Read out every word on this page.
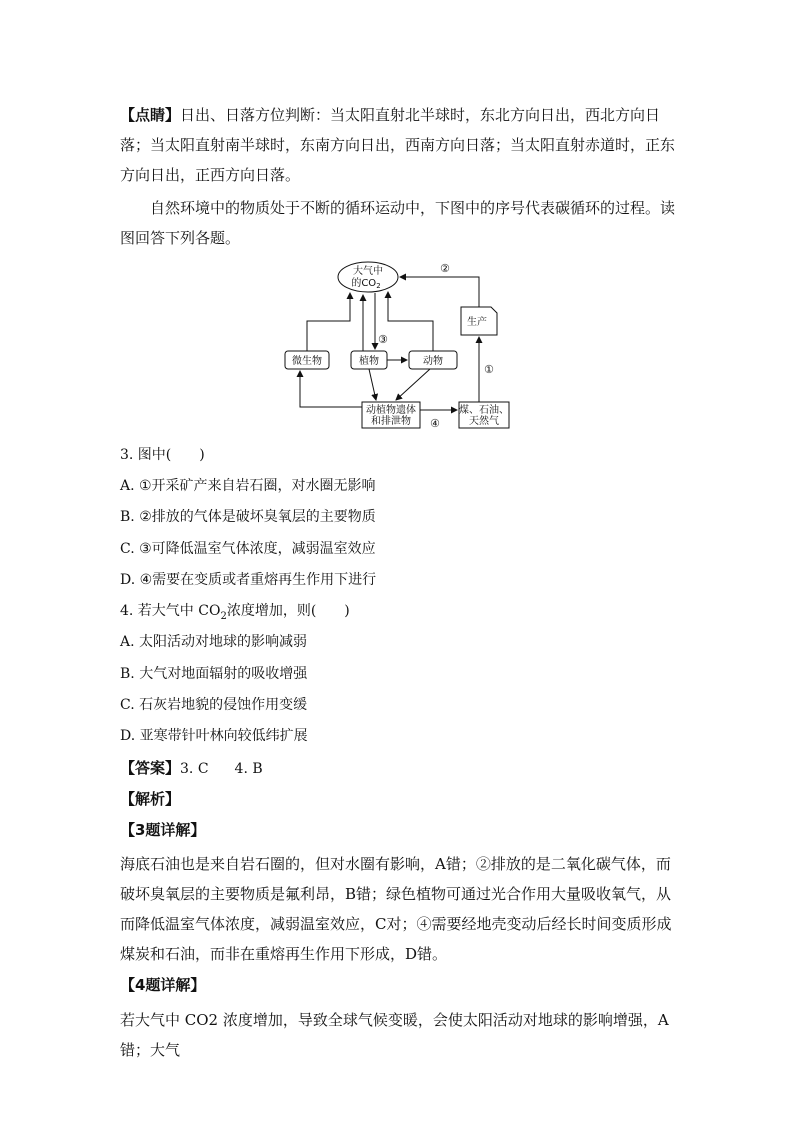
【点睛】日出、日落方位判断：当太阳直射北半球时，东北方向日出，西北方向日落；当太阳直射南半球时，东南方向日出，西南方向日落；当太阳直射赤道时，正东方向日出，正西方向日落。

自然环境中的物质处于不断的循环运动中，下图中的序号代表碳循环的过程。读图回答下列各题。

大气中
的$CO_2$
微生物	植物	动物
动植物遗体
和排泄物
煤、石油、
天然气
生产
③
④
①
②
3. 图中(　　)
A. ①开采矿产来自岩石圈，对水圈无影响
B. ②排放的气体是破坏臭氧层的主要物质
C. ③可降低温室气体浓度，减弱温室效应
D. ④需要在变质或者重熔再生作用下进行
4. 若大气中 $CO_2$浓度增加，则(　　)
A. 太阳活动对地球的影响减弱
B. 大气对地面辐射的吸收增强
C. 石灰岩地貌的侵蚀作用变缓
D. 亚寒带针叶林向较低纬扩展
【答案】3. C 4. B
【解析】
【3题详解】

海底石油也是来自岩石圈的，但对水圈有影响，A错；②排放的是二氧化碳气体，而破坏臭氧层的主要物质是氟利昂，B错；绿色植物可通过光合作用大量吸收氧气，从而降低温室气体浓度，减弱温室效应，C对；④需要经地壳变动后经长时间变质形成煤炭和石油，而非在重熔再生作用下形成，D错。

【4题详解】

若大气中 CO2 浓度增加，导致全球气候变暖，会使太阳活动对地球的影响增强，A错；大气
